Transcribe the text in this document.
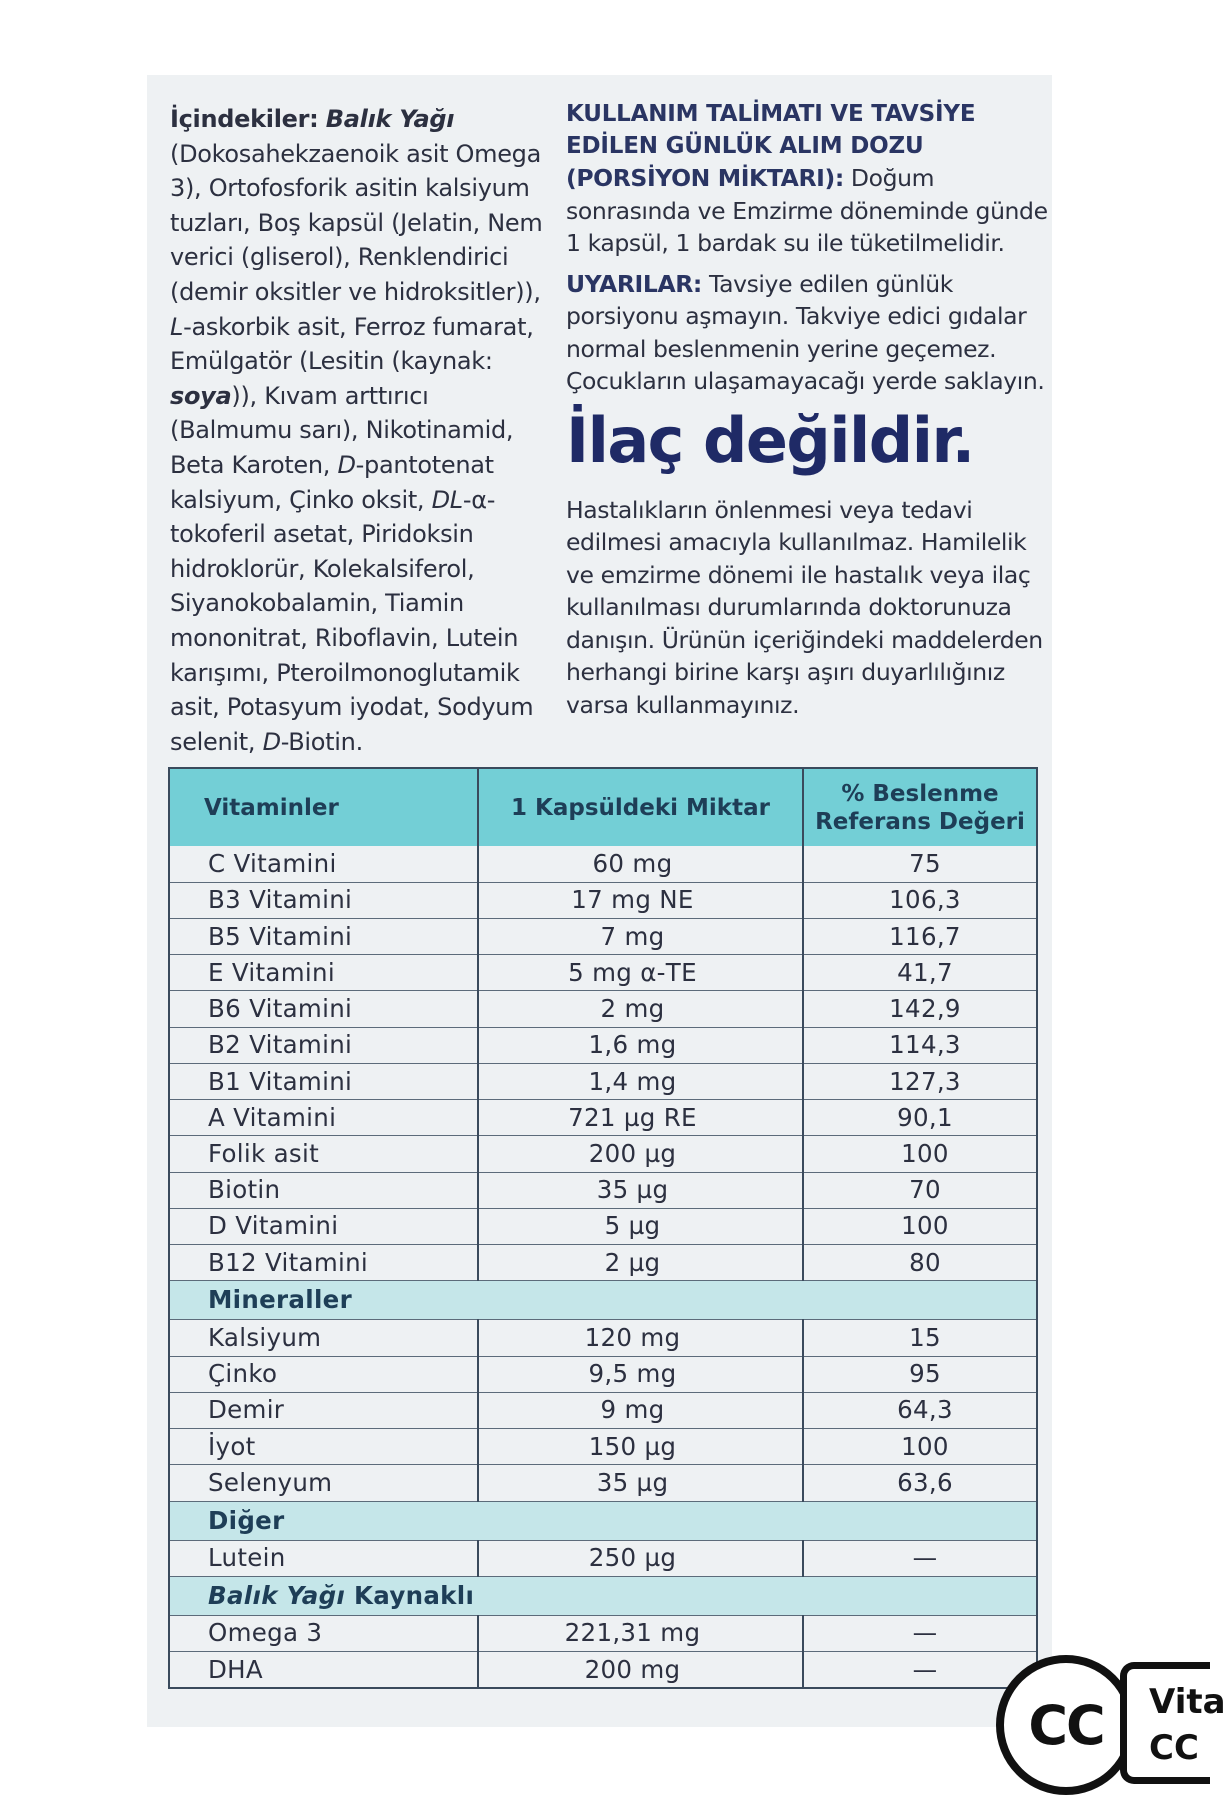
İçindekiler: Balık Yağı (Dokosahekzaenoik asit Omega 3), Ortofosforik asitin kalsiyum tuzları, Boş kapsül (Jelatin, Nem verici (gliserol), Renklendirici (demir oksitler ve hidroksitler)), L-askorbik asit, Ferroz fumarat, Emülgatör (Lesitin (kaynak: soya)), Kıvam arttırıcı (Balmumu sarı), Nikotinamid, Beta Karoten, D-pantotenat kalsiyum, Çinko oksit, DL-α-tokoferil asetat, Piridoksin hidroklorür, Kolekalsiferol, Siyanokobalamin, Tiamin mononitrat, Riboflavin, Lutein karışımı, Pteroilmonoglutamik asit, Potasyum iyodat, Sodyum selenit, D-Biotin.
KULLANIM TALİMATI VE TAVSİYE
EDİLEN GÜNLÜK ALIM DOZU
(PORSİYON MİKTARI): Doğum sonrasında ve Emzirme döneminde günde 1 kapsül, 1 bardak su ile tüketilmelidir.
UYARILAR: Tavsiye edilen günlük porsiyonu aşmayın. Takviye edici gıdalar normal beslenmenin yerine geçemez. Çocukların ulaşamayacağı yerde saklayın.
İlaç değildir.
Hastalıkların önlenmesi veya tedavi edilmesi amacıyla kullanılmaz. Hamilelik ve emzirme dönemi ile hastalık veya ilaç kullanılması durumlarında doktorunuza danışın. Ürünün içeriğindeki maddelerden herhangi birine karşı aşırı duyarlılığınız varsa kullanmayınız.
Vitaminler	1 Kapsüldeki Miktar	% Beslenme Referans Değeri
C Vitamini	60 mg	75
B3 Vitamini	17 mg NE	106,3
B5 Vitamini	7 mg	116,7
E Vitamini	5 mg α-TE	41,7
B6 Vitamini	2 mg	142,9
B2 Vitamini	1,6 mg	114,3
B1 Vitamini	1,4 mg	127,3
A Vitamini	721 µg RE	90,1
Folik asit	200 µg	100
Biotin	35 µg	70
D Vitamini	5 µg	100
B12 Vitamini	2 µg	80
Mineraller		
Kalsiyum	120 mg	15
Çinko	9,5 mg	95
Demir	9 mg	64,3
İyot	150 µg	100
Selenyum	35 µg	63,6
Diğer		
Lutein	250 µg	—
Balık Yağı Kaynaklı		
Omega 3	221,31 mg	—
DHA	200 mg	—
CC	Vita
CC
